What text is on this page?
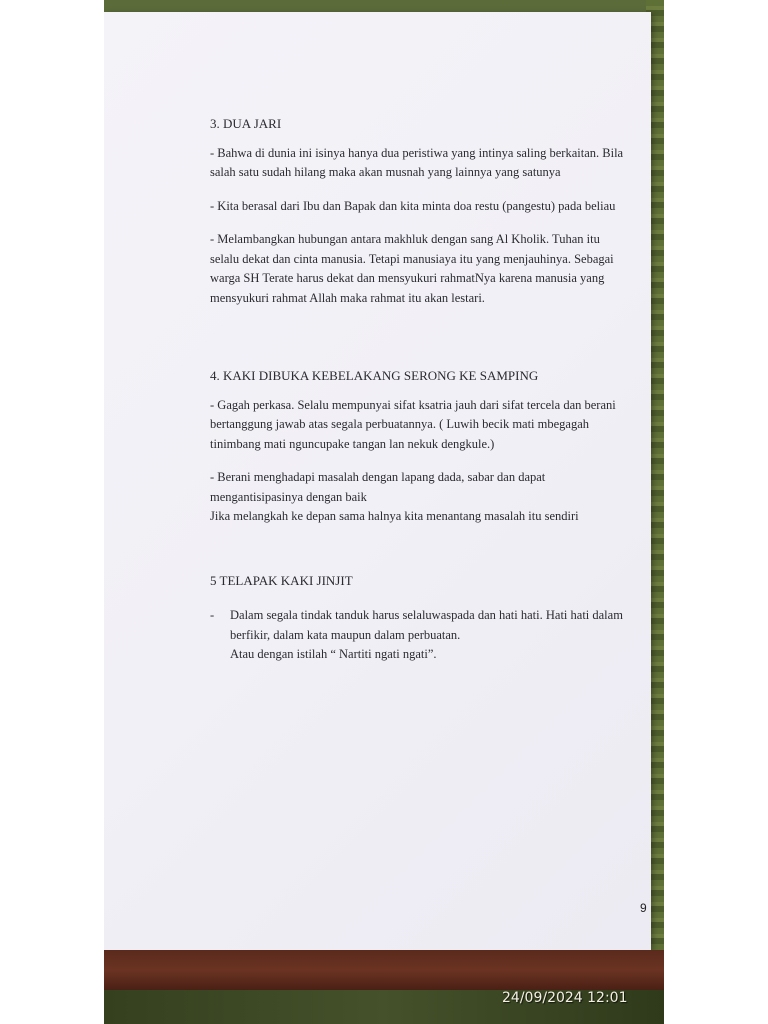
3. DUA JARI

- Bahwa di dunia ini isinya hanya dua peristiwa yang intinya saling berkaitan. Bila salah satu sudah hilang maka akan musnah yang lainnya yang satunya

- Kita berasal dari Ibu dan Bapak dan kita minta doa restu (pangestu) pada beliau

- Melambangkan hubungan antara makhluk dengan sang Al Kholik. Tuhan itu selalu dekat dan cinta manusia. Tetapi manusiaya itu yang menjauhinya. Sebagai warga SH Terate harus dekat dan mensyukuri rahmatNya karena manusia yang mensyukuri rahmat Allah maka rahmat itu akan lestari.

4. KAKI DIBUKA KEBELAKANG SERONG KE SAMPING

- Gagah perkasa. Selalu mempunyai sifat ksatria jauh dari sifat tercela dan berani bertanggung jawab atas segala perbuatannya. ( Luwih becik mati mbegagah tinimbang mati nguncupake tangan lan nekuk dengkule.)

- Berani menghadapi masalah dengan lapang dada, sabar dan dapat mengantisipasinya dengan baik

Jika melangkah ke depan sama halnya kita menantang masalah itu sendiri

5 TELAPAK KAKI JINJIT
-	Dalam segala tindak tanduk harus selaluwaspada dan hati hati. Hati hati dalam berfikir, dalam kata maupun dalam perbuatan.
Atau dengan istilah “ Nartiti ngati ngati”.
9
24/09/2024 12:01
